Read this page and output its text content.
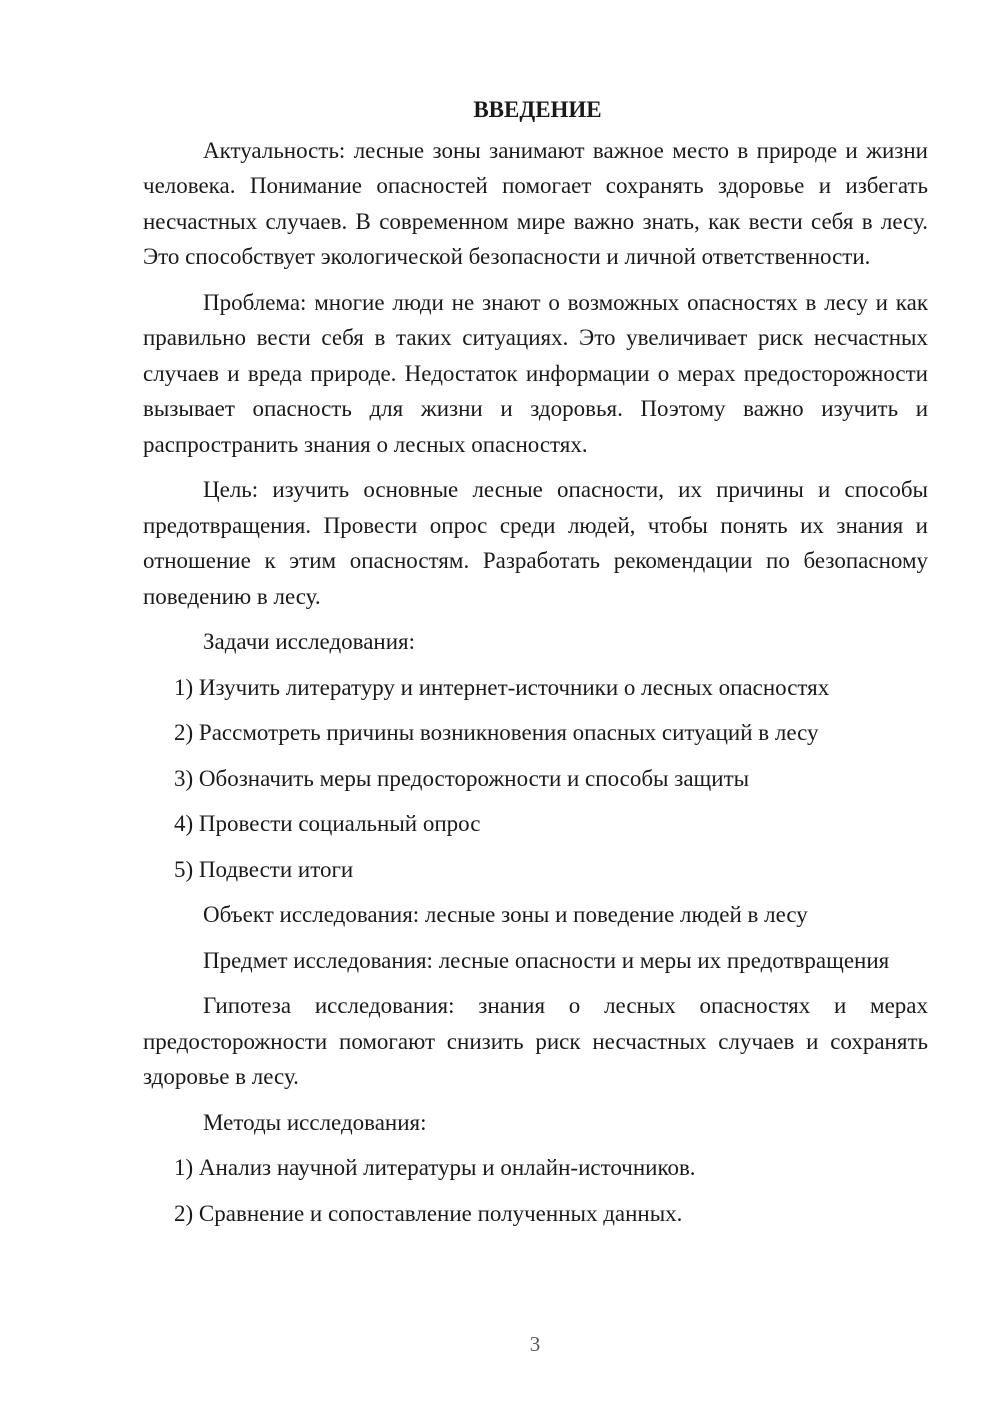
ВВЕДЕНИЕ

Актуальность: лесные зоны занимают важное место в природе и жизни человека. Понимание опасностей помогает сохранять здоровье и избегать несчастных случаев. В современном мире важно знать, как вести себя в лесу. Это способствует экологической безопасности и личной ответственности.

Проблема: многие люди не знают о возможных опасностях в лесу и как правильно вести себя в таких ситуациях. Это увеличивает риск несчастных случаев и вреда природе. Недостаток информации о мерах предосторожности вызывает опасность для жизни и здоровья. Поэтому важно изучить и распространить знания о лесных опасностях.

Цель: изучить основные лесные опасности, их причины и способы предотвращения. Провести опрос среди людей, чтобы понять их знания и отношение к этим опасностям. Разработать рекомендации по безопасному поведению в лесу.

Задачи исследования:

1) Изучить литературу и интернет-источники о лесных опасностях
2) Рассмотреть причины возникновения опасных ситуаций в лесу
3) Обозначить меры предосторожности и способы защиты
4) Провести социальный опрос
5) Подвести итоги

Объект исследования: лесные зоны и поведение людей в лесу

Предмет исследования: лесные опасности и меры их предотвращения

Гипотеза исследования: знания о лесных опасностях и мерах предосторожности помогают снизить риск несчастных случаев и сохранять здоровье в лесу.

Методы исследования:

1) Анализ научной литературы и онлайн-источников.
2) Сравнение и сопоставление полученных данных.
3
